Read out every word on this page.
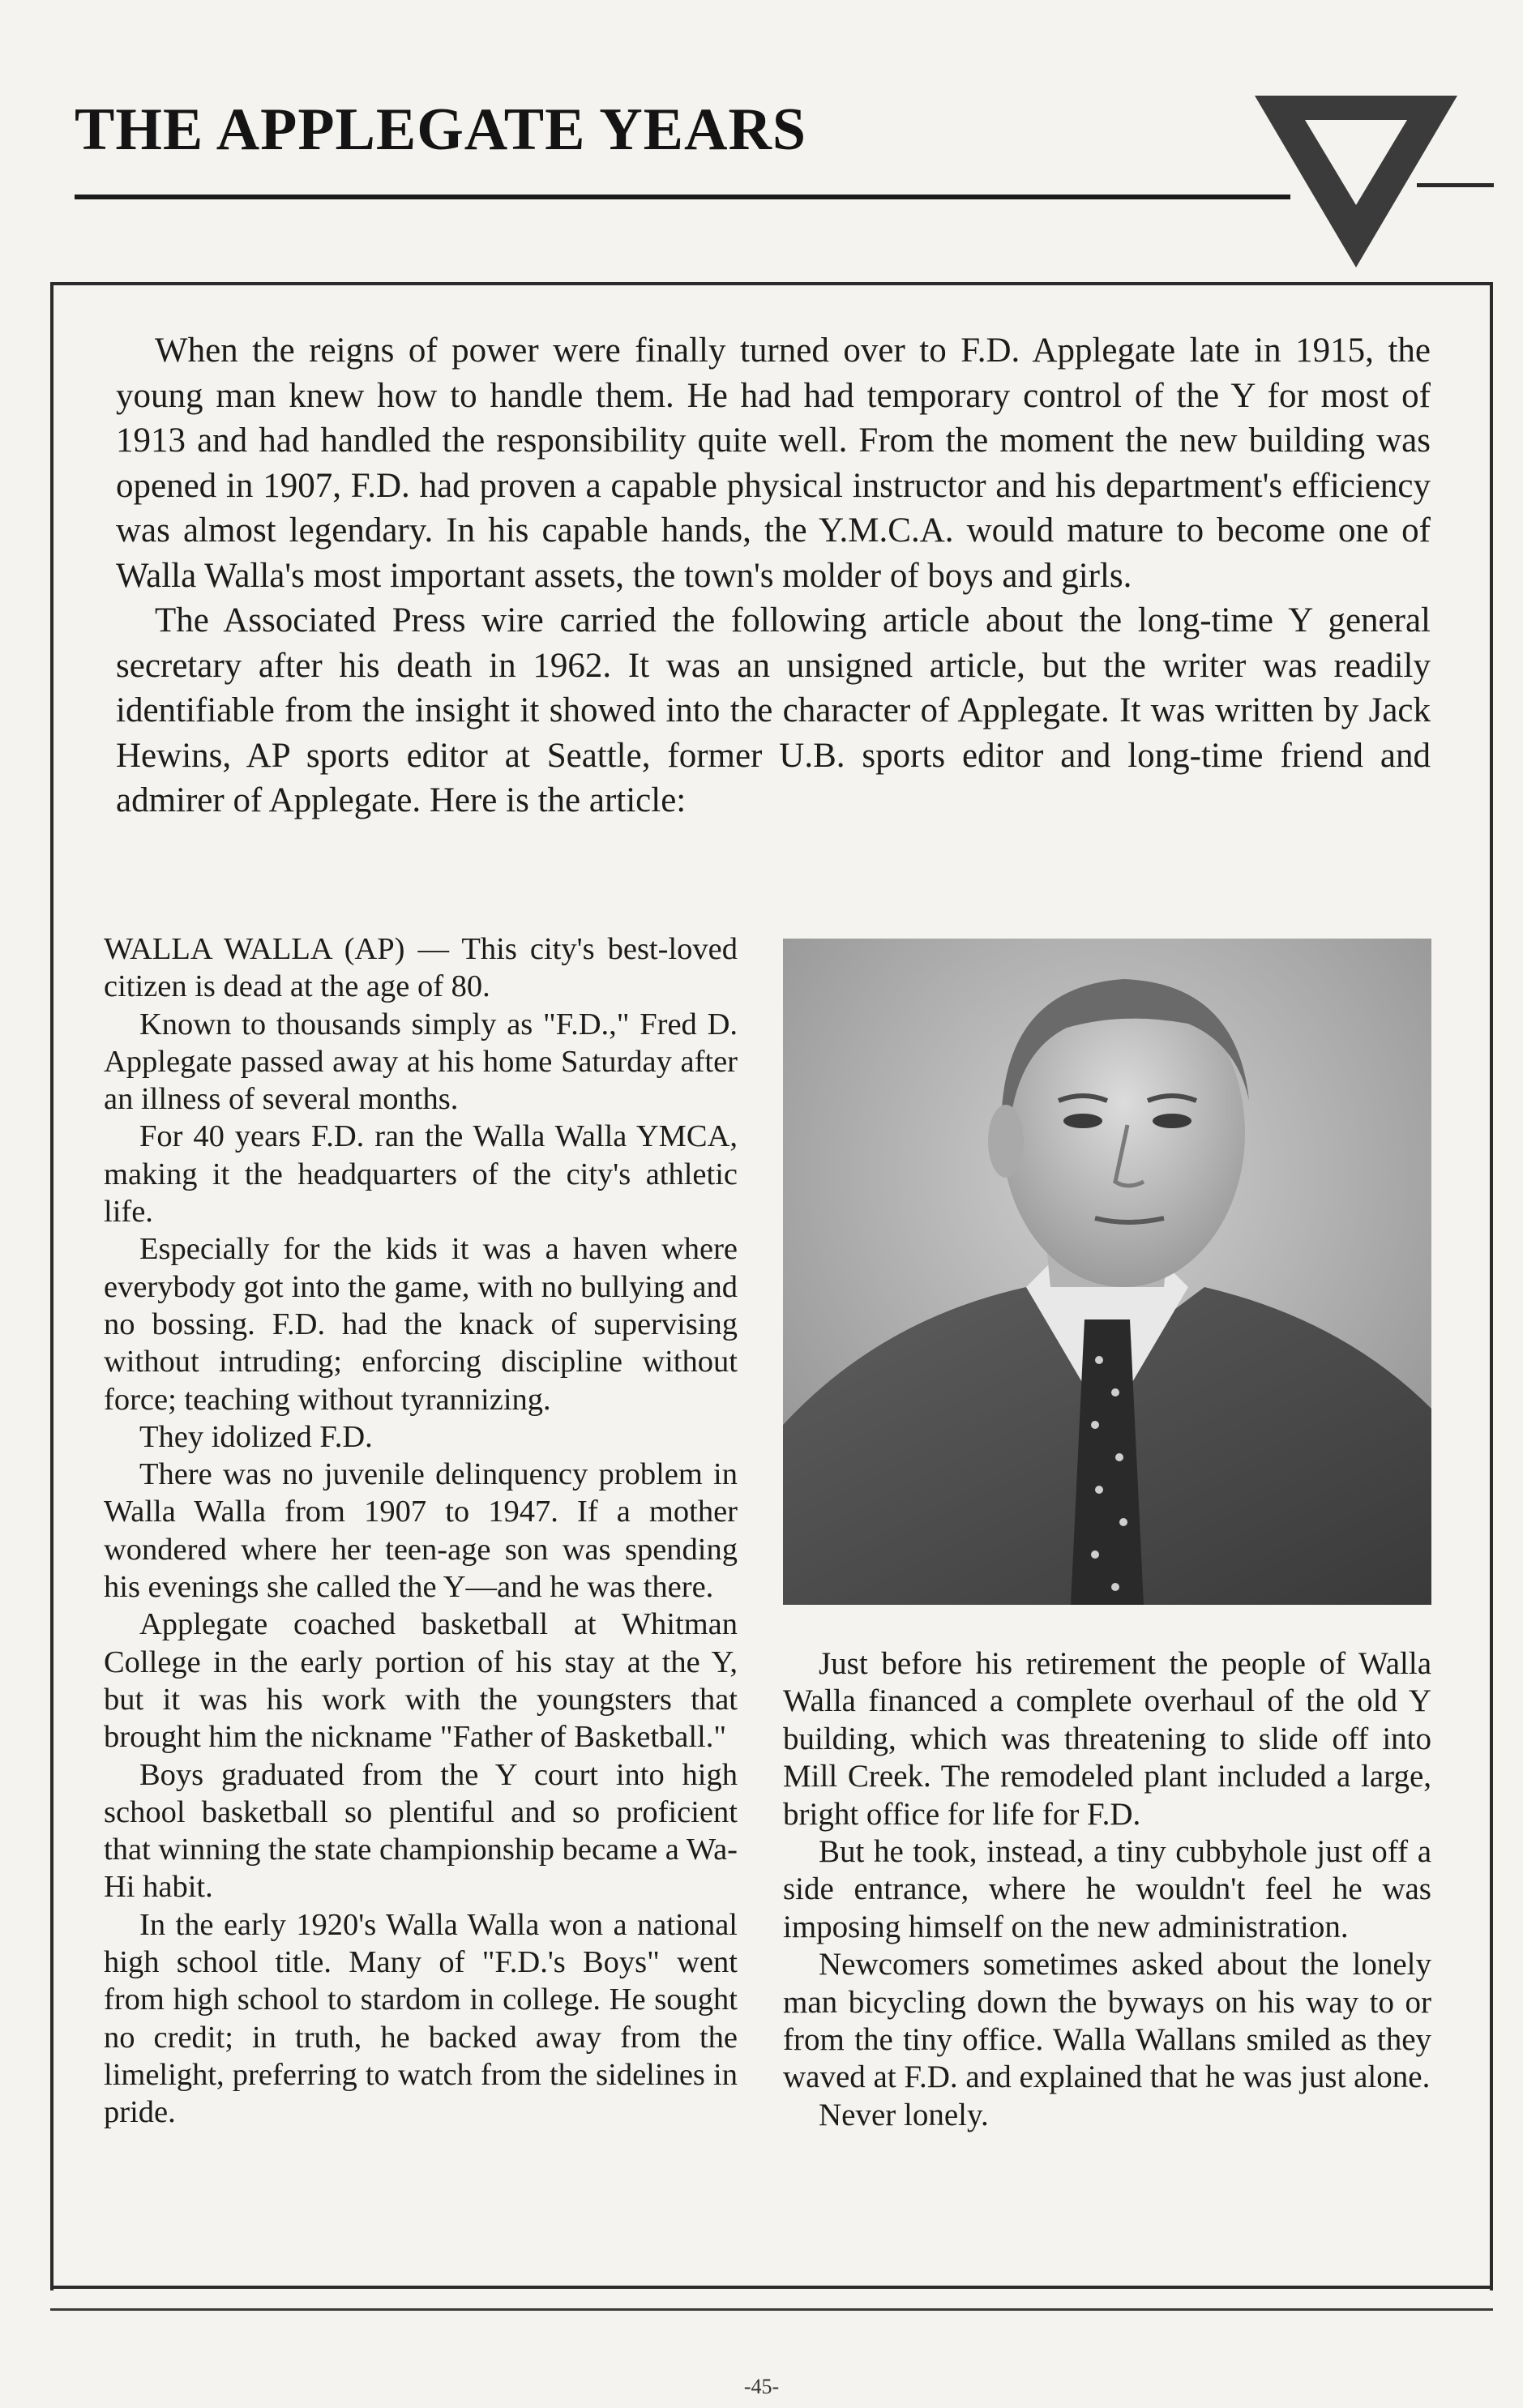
THE APPLEGATE YEARS

When the reigns of power were finally turned over to F.D. Applegate late in 1915, the young man knew how to handle them. He had had temporary control of the Y for most of 1913 and had handled the responsibility quite well. From the moment the new building was opened in 1907, F.D. had proven a capable physical instructor and his department's efficiency was almost legendary. In his capable hands, the Y.M.C.A. would mature to become one of Walla Walla's most important assets, the town's molder of boys and girls.

The Associated Press wire carried the following article about the long-time Y general secretary after his death in 1962. It was an unsigned article, but the writer was readily identifiable from the insight it showed into the character of Applegate. It was written by Jack Hewins, AP sports editor at Seattle, former U.B. sports editor and long-time friend and admirer of Applegate. Here is the article:

WALLA WALLA (AP) — This city's best-loved citizen is dead at the age of 80.

Known to thousands simply as "F.D.," Fred D. Applegate passed away at his home Saturday after an illness of several months.

For 40 years F.D. ran the Walla Walla YMCA, making it the headquarters of the city's athletic life.

Especially for the kids it was a haven where everybody got into the game, with no bullying and no bossing. F.D. had the knack of supervising without intruding; enforcing discipline without force; teaching without tyrannizing.

They idolized F.D.

There was no juvenile delinquency problem in Walla Walla from 1907 to 1947. If a mother wondered where her teen-age son was spending his evenings she called the Y—and he was there.

Applegate coached basketball at Whitman College in the early portion of his stay at the Y, but it was his work with the youngsters that brought him the nickname "Father of Basketball."

Boys graduated from the Y court into high school basketball so plentiful and so proficient that winning the state championship became a Wa-Hi habit.

In the early 1920's Walla Walla won a national high school title. Many of "F.D.'s Boys" went from high school to stardom in college. He sought no credit; in truth, he backed away from the limelight, preferring to watch from the sidelines in pride.

Just before his retirement the people of Walla Walla financed a complete overhaul of the old Y building, which was threatening to slide off into Mill Creek. The remodeled plant included a large, bright office for life for F.D.

But he took, instead, a tiny cubbyhole just off a side entrance, where he wouldn't feel he was imposing himself on the new administration.

Newcomers sometimes asked about the lonely man bicycling down the byways on his way to or from the tiny office. Walla Wallans smiled as they waved at F.D. and explained that he was just alone.

Never lonely.

-45-
